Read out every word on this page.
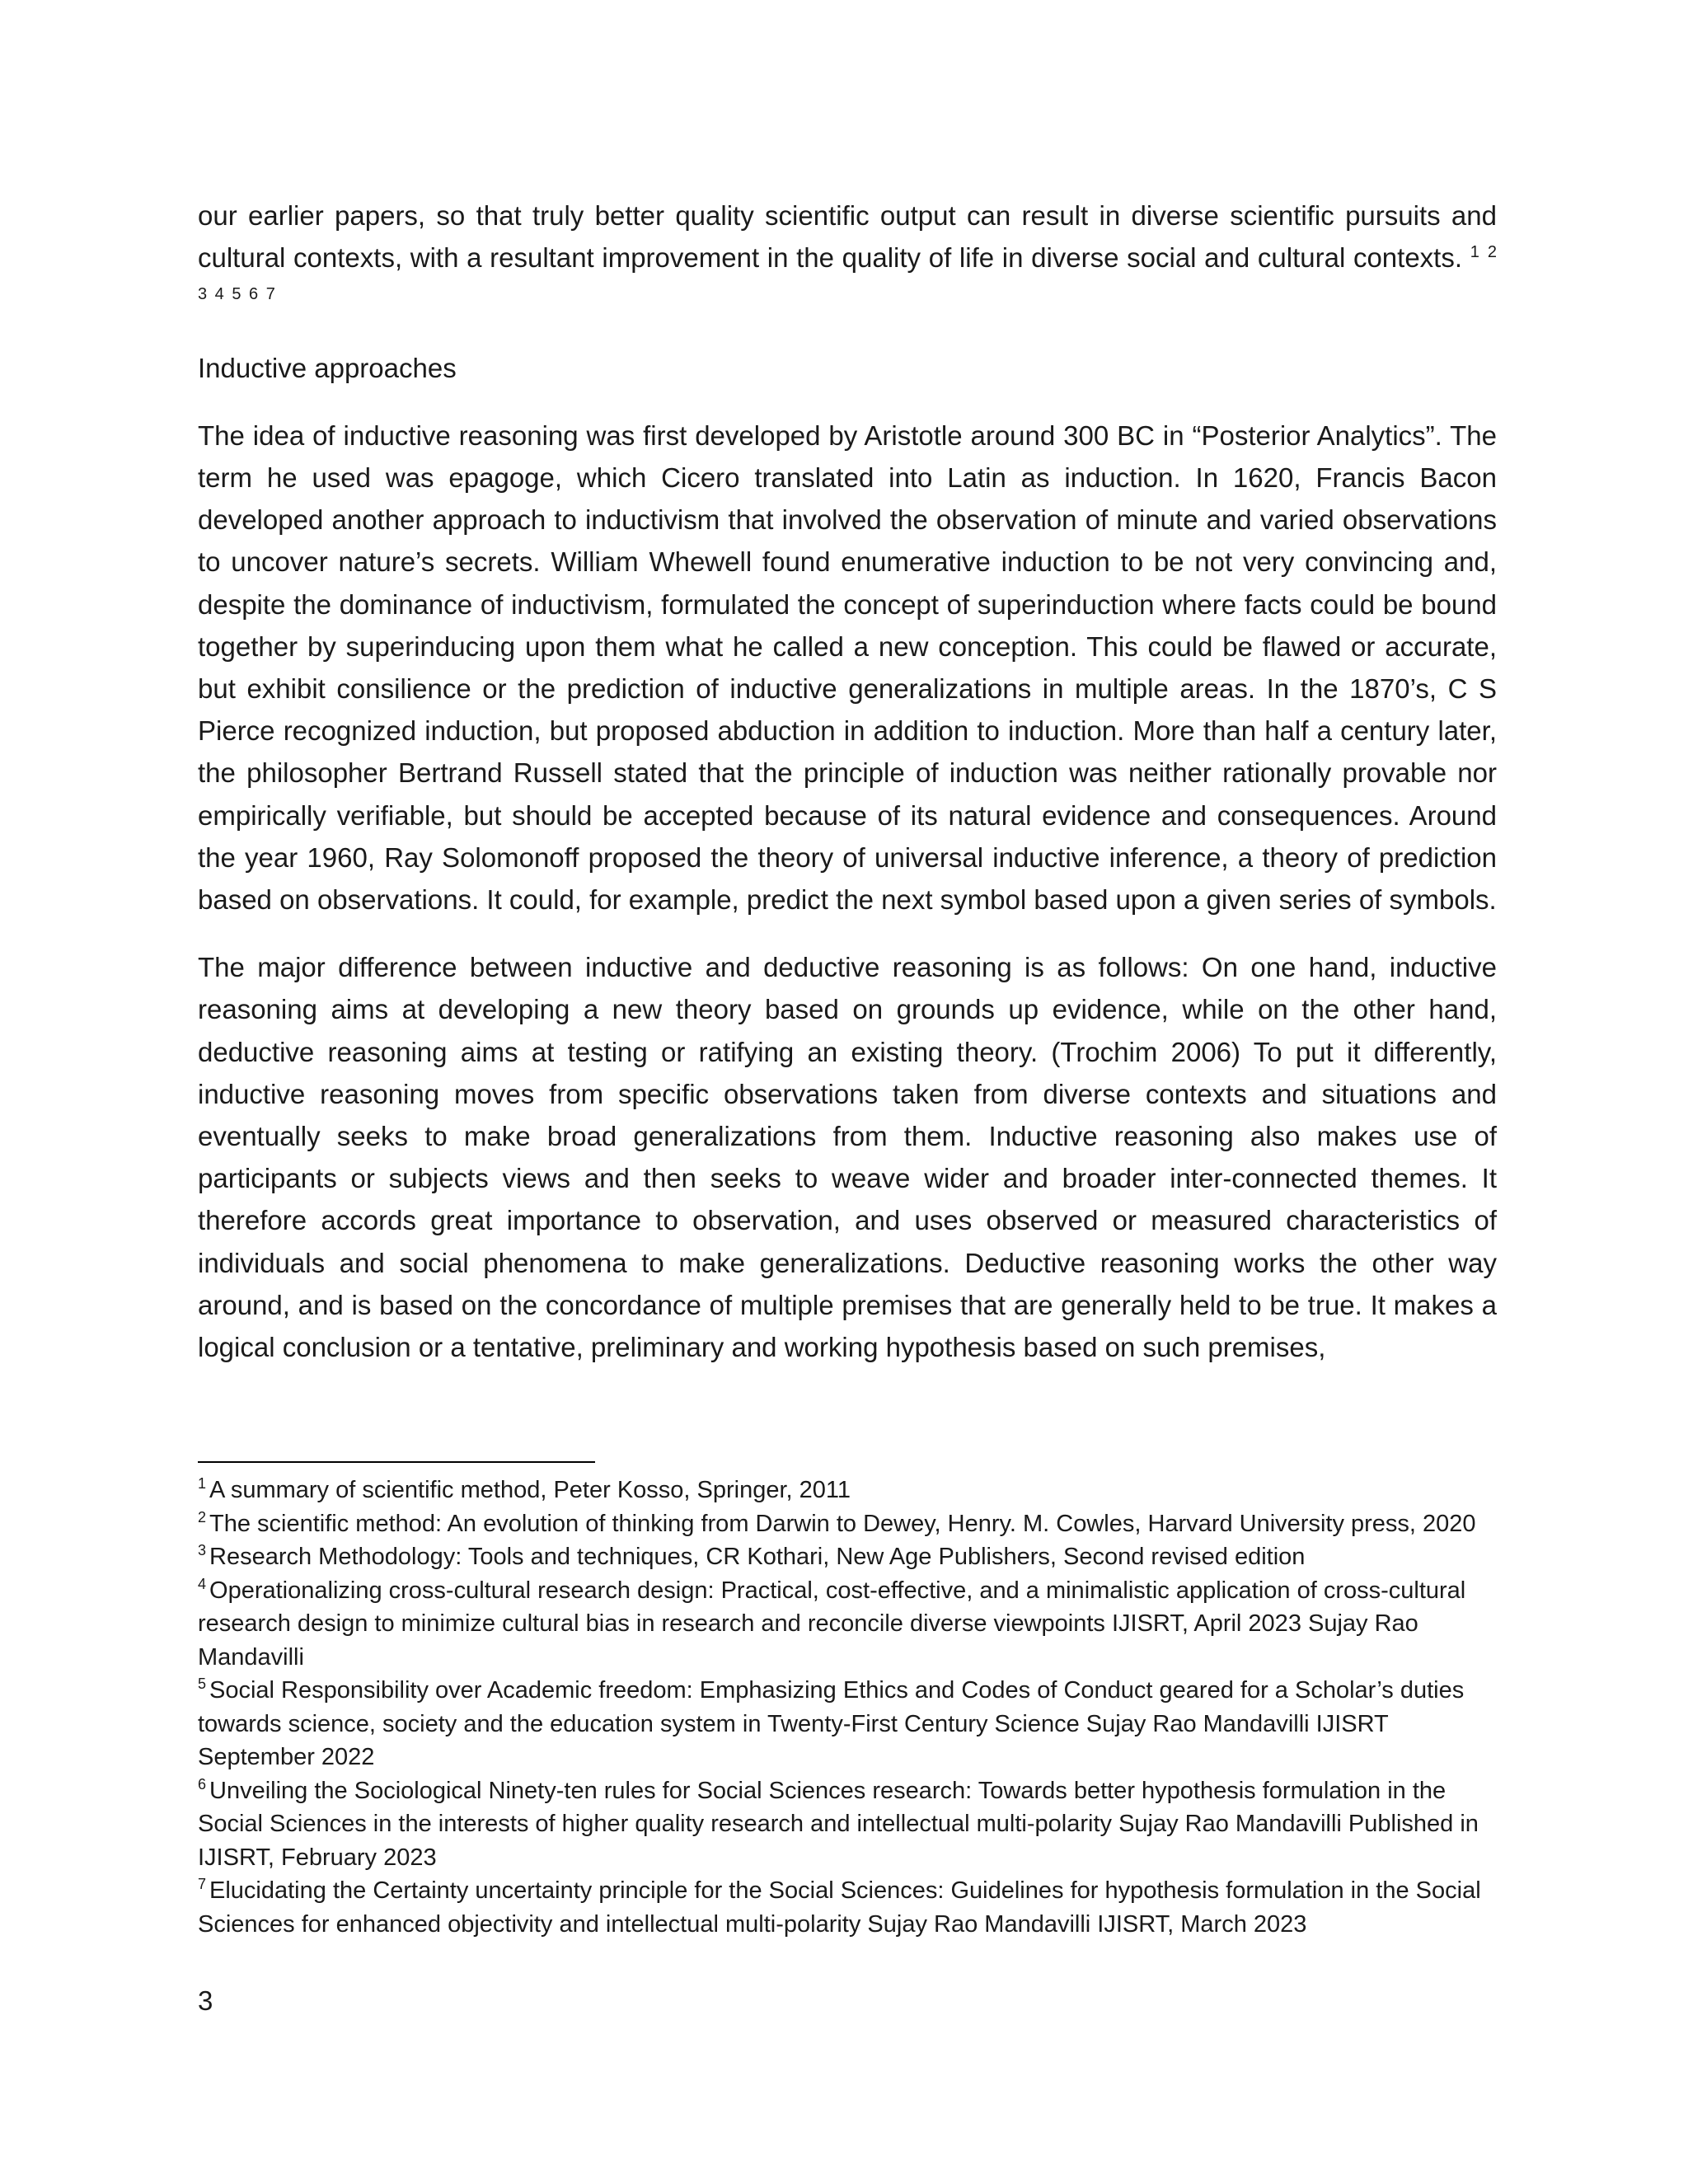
our earlier papers, so that truly better quality scientific output can result in diverse scientific pursuits and cultural contexts, with a resultant improvement in the quality of life in diverse social and cultural contexts. $^{1 2 3 4 5 6 7}$

Inductive approaches

The idea of inductive reasoning was first developed by Aristotle around 300 BC in “Posterior Analytics”. The term he used was epagoge, which Cicero translated into Latin as induction. In 1620, Francis Bacon developed another approach to inductivism that involved the observation of minute and varied observations to uncover nature’s secrets. William Whewell found enumerative induction to be not very convincing and, despite the dominance of inductivism, formulated the concept of superinduction where facts could be bound together by superinducing upon them what he called a new conception. This could be flawed or accurate, but exhibit consilience or the prediction of inductive generalizations in multiple areas. In the 1870’s, C S Pierce recognized induction, but proposed abduction in addition to induction. More than half a century later, the philosopher Bertrand Russell stated that the principle of induction was neither rationally provable nor empirically verifiable, but should be accepted because of its natural evidence and consequences. Around the year 1960, Ray Solomonoff proposed the theory of universal inductive inference, a theory of prediction based on observations. It could, for example, predict the next symbol based upon a given series of symbols.

The major difference between inductive and deductive reasoning is as follows: On one hand, inductive reasoning aims at developing a new theory based on grounds up evidence, while on the other hand, deductive reasoning aims at testing or ratifying an existing theory. (Trochim 2006) To put it differently, inductive reasoning moves from specific observations taken from diverse contexts and situations and eventually seeks to make broad generalizations from them. Inductive reasoning also makes use of participants or subjects views and then seeks to weave wider and broader inter-connected themes. It therefore accords great importance to observation, and uses observed or measured characteristics of individuals and social phenomena to make generalizations. Deductive reasoning works the other way around, and is based on the concordance of multiple premises that are generally held to be true. It makes a logical conclusion or a tentative, preliminary and working hypothesis based on such premises,

$^1$ A summary of scientific method, Peter Kosso, Springer, 2011

$^2$ The scientific method: An evolution of thinking from Darwin to Dewey, Henry. M. Cowles, Harvard University press, 2020

$^3$ Research Methodology: Tools and techniques, CR Kothari, New Age Publishers, Second revised edition

$^4$ Operationalizing cross-cultural research design: Practical, cost-effective, and a minimalistic application of cross-cultural research design to minimize cultural bias in research and reconcile diverse viewpoints IJISRT, April 2023 Sujay Rao Mandavilli

$^5$ Social Responsibility over Academic freedom: Emphasizing Ethics and Codes of Conduct geared for a Scholar’s duties towards science, society and the education system in Twenty-First Century Science Sujay Rao Mandavilli IJISRT September 2022

$^6$ Unveiling the Sociological Ninety-ten rules for Social Sciences research: Towards better hypothesis formulation in the Social Sciences in the interests of higher quality research and intellectual multi-polarity Sujay Rao Mandavilli Published in IJISRT, February 2023

$^7$ Elucidating the Certainty uncertainty principle for the Social Sciences: Guidelines for hypothesis formulation in the Social Sciences for enhanced objectivity and intellectual multi-polarity Sujay Rao Mandavilli IJISRT, March 2023

3
